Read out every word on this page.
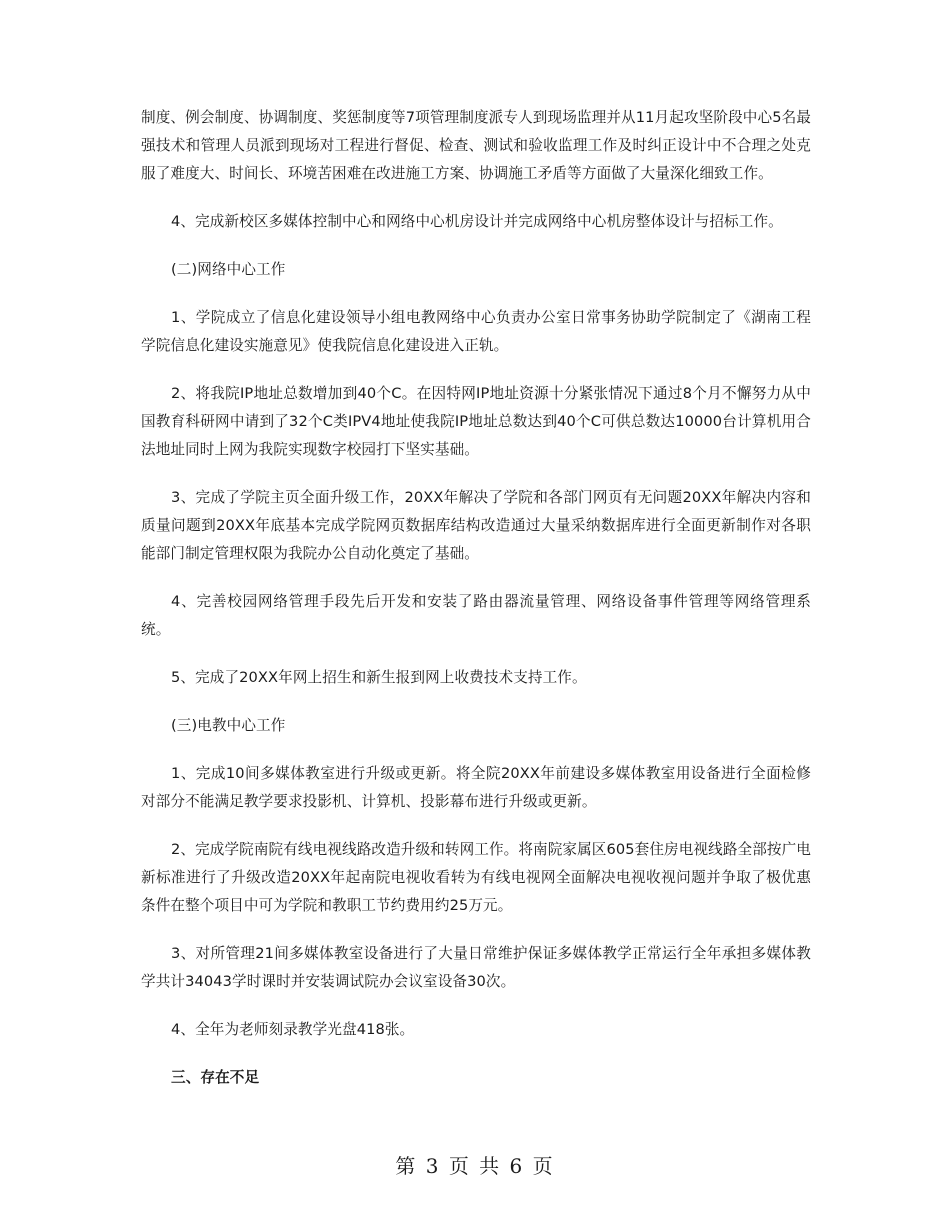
制度、例会制度、协调制度、奖惩制度等7项管理制度派专人到现场监理并从11月起攻坚阶段中心5名最强技术和管理人员派到现场对工程进行督促、检查、测试和验收监理工作及时纠正设计中不合理之处克服了难度大、时间长、环境苦困难在改进施工方案、协调施工矛盾等方面做了大量深化细致工作。

4、完成新校区多媒体控制中心和网络中心机房设计并完成网络中心机房整体设计与招标工作。

(二)网络中心工作

1、学院成立了信息化建设领导小组电教网络中心负责办公室日常事务协助学院制定了《湖南工程学院信息化建设实施意见》使我院信息化建设进入正轨。

2、将我院IP地址总数增加到40个C。在因特网IP地址资源十分紧张情况下通过8个月不懈努力从中国教育科研网中请到了32个C类IPV4地址使我院IP地址总数达到40个C可供总数达10000台计算机用合法地址同时上网为我院实现数字校园打下坚实基础。

3、完成了学院主页全面升级工作，20XX年解决了学院和各部门网页有无问题20XX年解决内容和质量问题到20XX年底基本完成学院网页数据库结构改造通过大量采纳数据库进行全面更新制作对各职能部门制定管理权限为我院办公自动化奠定了基础。

4、完善校园网络管理手段先后开发和安装了路由器流量管理、网络设备事件管理等网络管理系统。

5、完成了20XX年网上招生和新生报到网上收费技术支持工作。

(三)电教中心工作

1、完成10间多媒体教室进行升级或更新。将全院20XX年前建设多媒体教室用设备进行全面检修对部分不能满足教学要求投影机、计算机、投影幕布进行升级或更新。

2、完成学院南院有线电视线路改造升级和转网工作。将南院家属区605套住房电视线路全部按广电新标准进行了升级改造20XX年起南院电视收看转为有线电视网全面解决电视收视问题并争取了极优惠条件在整个项目中可为学院和教职工节约费用约25万元。

3、对所管理21间多媒体教室设备进行了大量日常维护保证多媒体教学正常运行全年承担多媒体教学共计34043学时课时并安装调试院办会议室设备30次。

4、全年为老师刻录教学光盘418张。

三、存在不足

第 3 页 共 6 页
